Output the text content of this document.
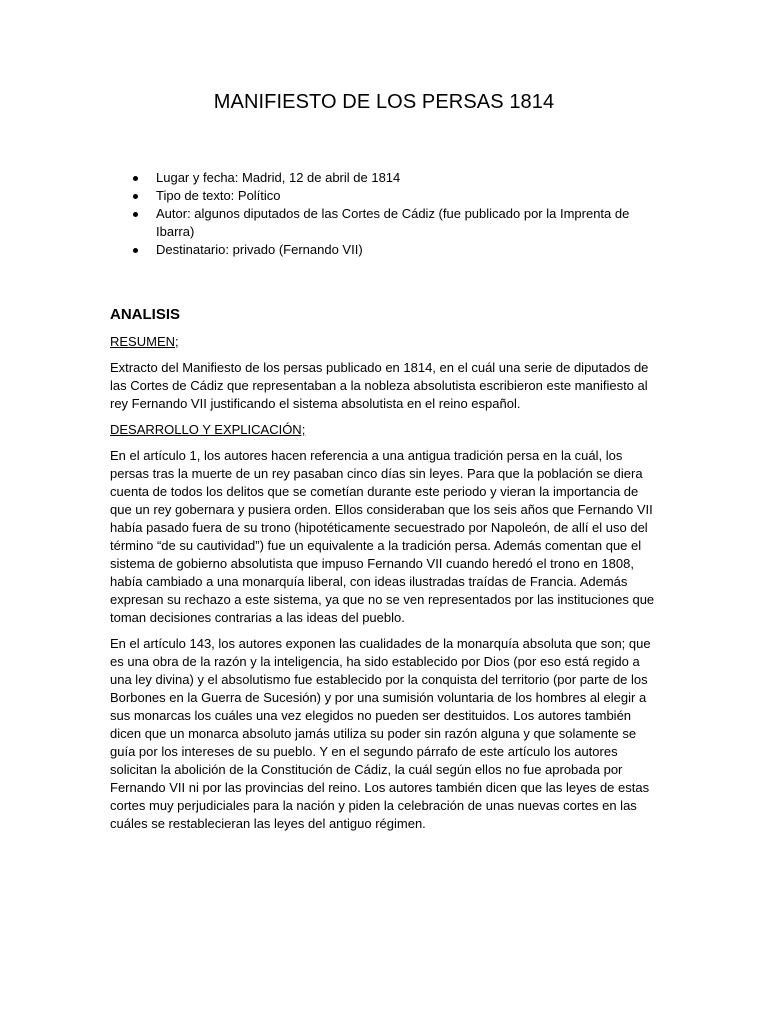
MANIFIESTO DE LOS PERSAS 1814
Lugar y fecha: Madrid, 12 de abril de 1814
Tipo de texto: Político
Autor: algunos diputados de las Cortes de Cádiz (fue publicado por la Imprenta de Ibarra)
Destinatario: privado (Fernando VII)
ANALISIS

RESUMEN;

Extracto del Manifiesto de los persas publicado en 1814, en el cuál una serie de diputados de las Cortes de Cádiz que representaban a la nobleza absolutista escribieron este manifiesto al rey Fernando VII justificando el sistema absolutista en el reino español.

DESARROLLO Y EXPLICACIÓN;

En el artículo 1, los autores hacen referencia a una antigua tradición persa en la cuál, los persas tras la muerte de un rey pasaban cinco días sin leyes. Para que la población se diera cuenta de todos los delitos que se cometían durante este periodo y vieran la importancia de que un rey gobernara y pusiera orden. Ellos consideraban que los seis años que Fernando VII había pasado fuera de su trono (hipotéticamente secuestrado por Napoleón, de allí el uso del término “de su cautividad”) fue un equivalente a la tradición persa. Además comentan que el sistema de gobierno absolutista que impuso Fernando VII cuando heredó el trono en 1808, había cambiado a una monarquía liberal, con ideas ilustradas traídas de Francia. Además expresan su rechazo a este sistema, ya que no se ven representados por las instituciones que toman decisiones contrarias a las ideas del pueblo.

En el artículo 143, los autores exponen las cualidades de la monarquía absoluta que son; que es una obra de la razón y la inteligencia, ha sido establecido por Dios (por eso está regido a una ley divina) y el absolutismo fue establecido por la conquista del territorio (por parte de los Borbones en la Guerra de Sucesión) y por una sumisión voluntaria de los hombres al elegir a sus monarcas los cuáles una vez elegidos no pueden ser destituidos. Los autores también dicen que un monarca absoluto jamás utiliza su poder sin razón alguna y que solamente se guía por los intereses de su pueblo. Y en el segundo párrafo de este artículo los autores solicitan la abolición de la Constitución de Cádiz, la cuál según ellos no fue aprobada por Fernando VII ni por las provincias del reino. Los autores también dicen que las leyes de estas cortes muy perjudiciales para la nación y piden la celebración de unas nuevas cortes en las cuáles se restablecieran las leyes del antiguo régimen.
